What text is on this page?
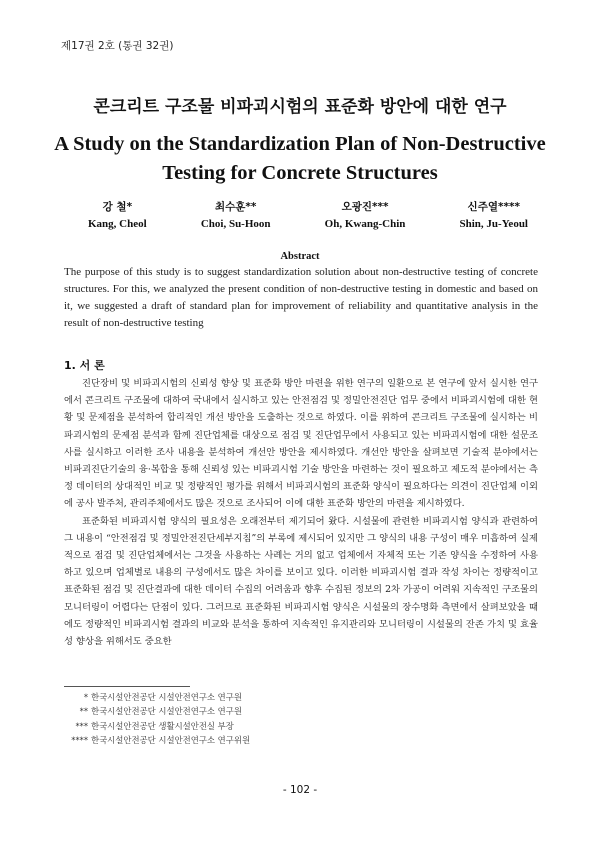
제17권 2호 (통권 32권)
콘크리트 구조물 비파괴시험의 표준화 방안에 대한 연구
A Study on the Standardization Plan of Non-Destructive Testing for Concrete Structures
강 철*
Kang, Cheol
최수훈**
Choi, Su-Hoon
오광진***
Oh, Kwang-Chin
신주열****
Shin, Ju-Yeoul
Abstract
The purpose of this study is to suggest standardization solution about non-destructive testing of concrete structures. For this, we analyzed the present condition of non-destructive testing in domestic and based on it, we suggested a draft of standard plan for improvement of reliability and quantitative analysis in the result of non-destructive testing
1. 서 론

진단장비 및 비파괴시험의 신뢰성 향상 및 표준화 방안 마련을 위한 연구의 일환으로 본 연구에 앞서 실시한 연구에서 콘크리트 구조물에 대하여 국내에서 실시하고 있는 안전점검 및 정밀안전진단 업무 중에서 비파괴시험에 대한 현황 및 문제점을 분석하여 합리적인 개선 방안을 도출하는 것으로 하였다. 이를 위하여 콘크리트 구조물에 실시하는 비파괴시험의 문제점 분석과 함께 진단업체를 대상으로 점검 및 진단업무에서 사용되고 있는 비파괴시험에 대한 설문조사를 실시하고 이러한 조사 내용을 분석하여 개선안 방안을 제시하였다. 개선안 방안을 살펴보면 기술적 분야에서는 비파괴진단기술의 융·복합을 통해 신뢰성 있는 비파괴시험 기술 방안을 마련하는 것이 필요하고 제도적 분야에서는 측정 데이터의 상대적인 비교 및 정량적인 평가를 위해서 비파괴시험의 표준화 양식이 필요하다는 의견이 진단업체 이외에 공사 발주처, 관리주체에서도 많은 것으로 조사되어 이에 대한 표준화 방안의 마련을 제시하였다.

표준화된 비파괴시험 양식의 필요성은 오래전부터 제기되어 왔다. 시설물에 관련한 비파괴시험 양식과 관련하여 그 내용이 “안전점검 및 정밀안전진단세부지침”의 부록에 제시되어 있지만 그 양식의 내용 구성이 매우 미흡하여 실제적으로 점검 및 진단업체에서는 그것을 사용하는 사례는 거의 없고 업체에서 자체적 또는 기존 양식을 수정하여 사용하고 있으며 업체별로 내용의 구성에서도 많은 차이를 보이고 있다. 이러한 비파괴시험 결과 작성 차이는 정량적이고 표준화된 점검 및 진단결과에 대한 데이터 수집의 어려움과 향후 수집된 정보의 2차 가공이 어려워 지속적인 구조물의 모니터링이 어렵다는 단점이 있다. 그러므로 표준화된 비파괴시험 양식은 시설물의 장수명화 측면에서 살펴보았을 때에도 정량적인 비파괴시험 결과의 비교와 분석을 통하여 지속적인 유지관리와 모니터링이 시설물의 잔존 가치 및 효율성 향상을 위해서도 중요한

* 한국시설안전공단 시설안전연구소 연구원
** 한국시설안전공단 시설안전연구소 연구원
*** 한국시설안전공단 생활시설안전실 부장
**** 한국시설안전공단 시설안전연구소 연구위원
- 102 -
